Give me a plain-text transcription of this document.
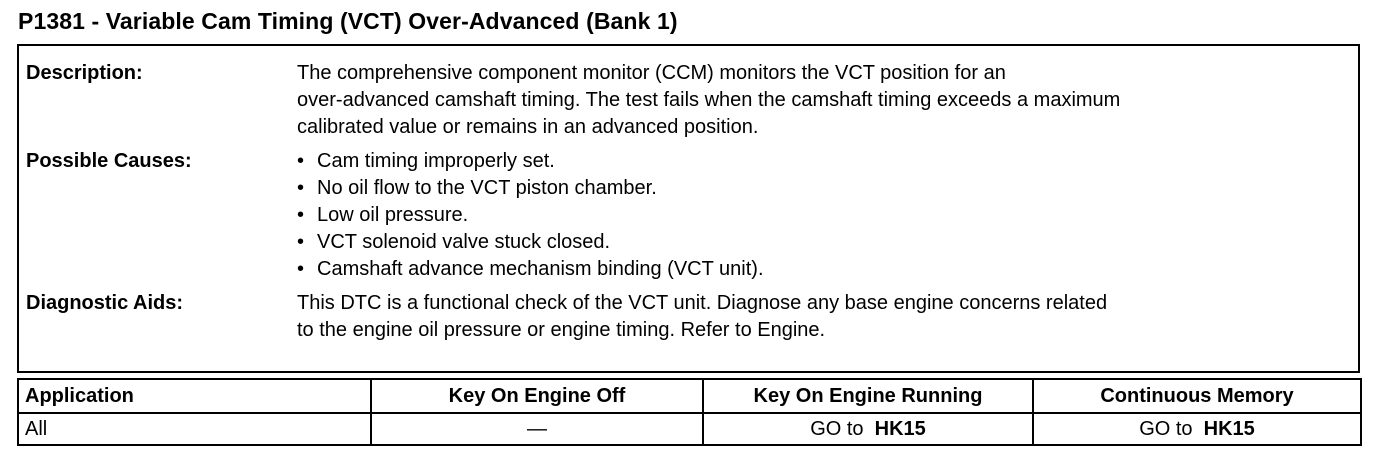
P1381 - Variable Cam Timing (VCT) Over-Advanced (Bank 1)
Description:	The comprehensive component monitor (CCM) monitors the VCT position for an

over-advanced camshaft timing. The test fails when the camshaft timing exceeds a maximum

calibrated value or remains in an advanced position.

Possible Causes:	• Cam timing improperly set.
• No oil flow to the VCT piston chamber.
• Low oil pressure.
• VCT solenoid valve stuck closed.
• Camshaft advance mechanism binding (VCT unit).
Diagnostic Aids:	This DTC is a functional check of the VCT unit. Diagnose any base engine concerns related

to the engine oil pressure or engine timing. Refer to Engine.

Application	Key On Engine Off	Key On Engine Running	Continuous Memory
All	—	GO to HK15	GO to HK15
